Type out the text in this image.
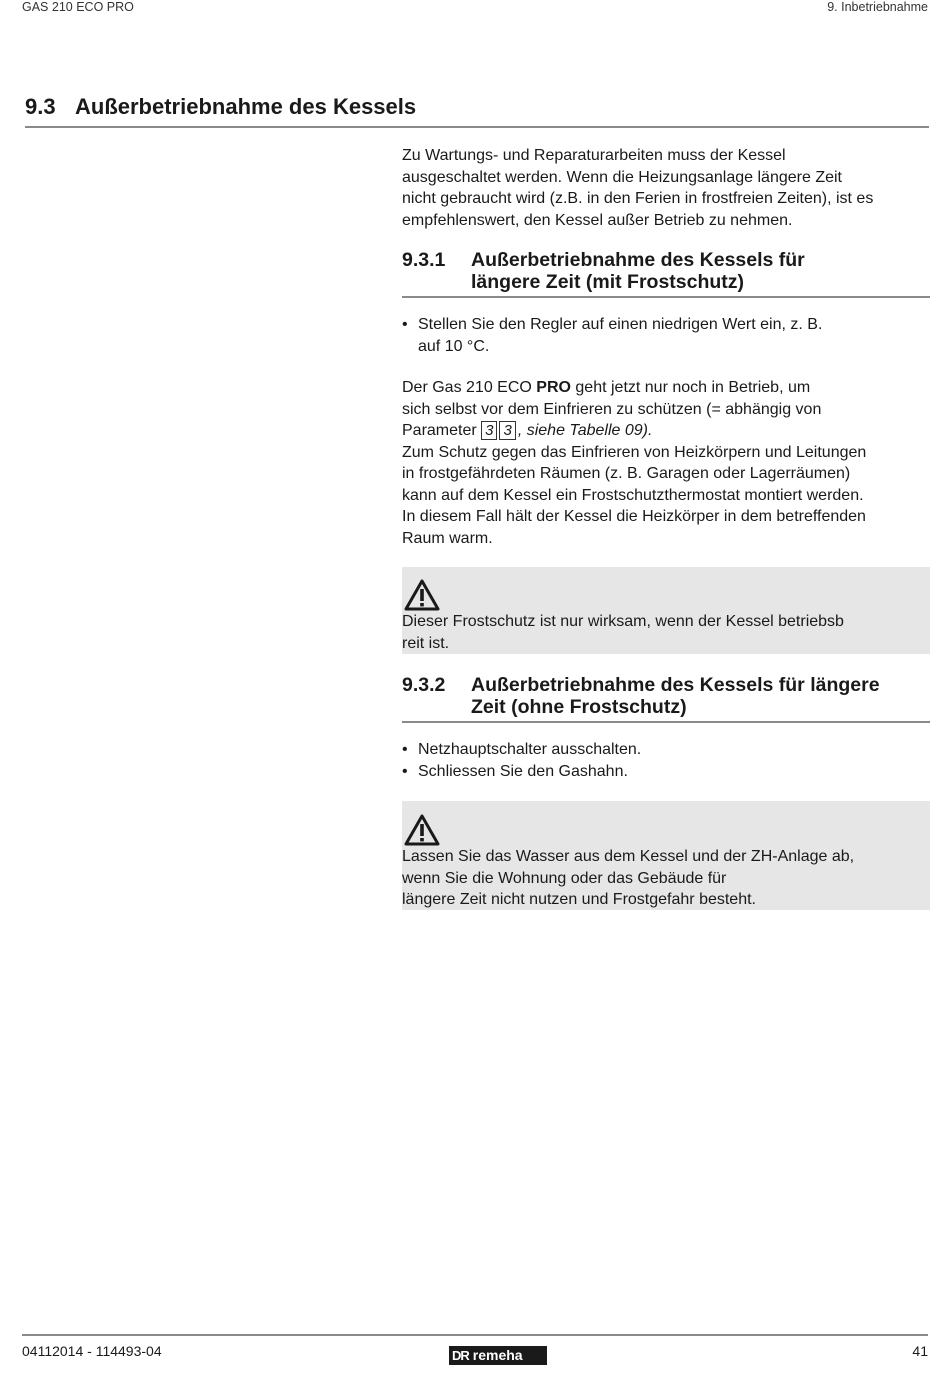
GAS 210 ECO PRO	9. Inbetriebnahme
9.3 Außerbetriebnahme des Kessels
Zu Wartungs- und Reparaturarbeiten muss der Kessel
ausgeschaltet werden. Wenn die Heizungsanlage längere Zeit
nicht gebraucht wird (z.B. in den Ferien in frostfreien Zeiten), ist es
empfehlenswert, den Kessel außer Betrieb zu nehmen.
9.3.1 Außerbetriebnahme des Kessels für
längere Zeit (mit Frostschutz)
• Stellen Sie den Regler auf einen niedrigen Wert ein, z. B.
auf 10 °C.
Der Gas 210 ECO PRO geht jetzt nur noch in Betrieb, um
sich selbst vor dem Einfrieren zu schützen (= abhängig von
Parameter 3 3 , siehe Tabelle 09).
Zum Schutz gegen das Einfrieren von Heizkörpern und Leitungen
in frostgefährdeten Räumen (z. B. Garagen oder Lagerräumen)
kann auf dem Kessel ein Frostschutzthermostat montiert werden.
In diesem Fall hält der Kessel die Heizkörper in dem betreffenden
Raum warm.
Dieser Frostschutz ist nur wirksam, wenn der Kessel betriebsb
reit ist.
9.3.2 Außerbetriebnahme des Kessels für längere
Zeit (ohne Frostschutz)
• Netzhauptschalter ausschalten.
• Schliessen Sie den Gashahn.
Lassen Sie das Wasser aus dem Kessel und der ZH-Anlage ab,
wenn Sie die Wohnung oder das Gebäude für
längere Zeit nicht nutzen und Frostgefahr besteht.
04112014 - 114493-04	DR remeha	41
